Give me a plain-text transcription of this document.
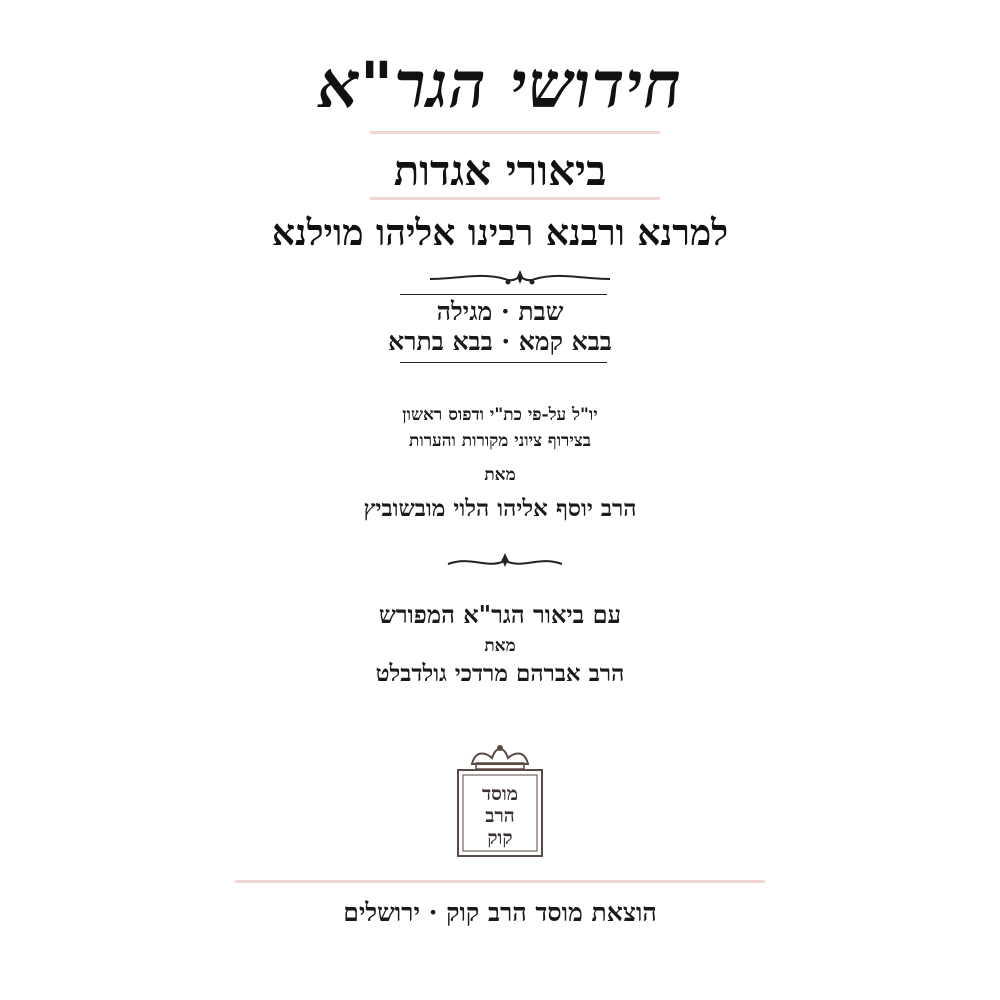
חידושי הגר"א
ביאורי אגדות
למרנא ורבנא רבינו אליהו מוילנא
שבת · מגילה
בבא קמא · בבא בתרא
יו"ל על-פי כת"י ודפוס ראשון
בצירוף ציוני מקורות והערות
מאת
הרב יוסף אליהו הלוי מובשוביץ
עם ביאור הגר"א המפורש
מאת
הרב אברהם מרדכי גולדבלט
מוסד
הרב
קוק
הוצאת מוסד הרב קוק · ירושלים
